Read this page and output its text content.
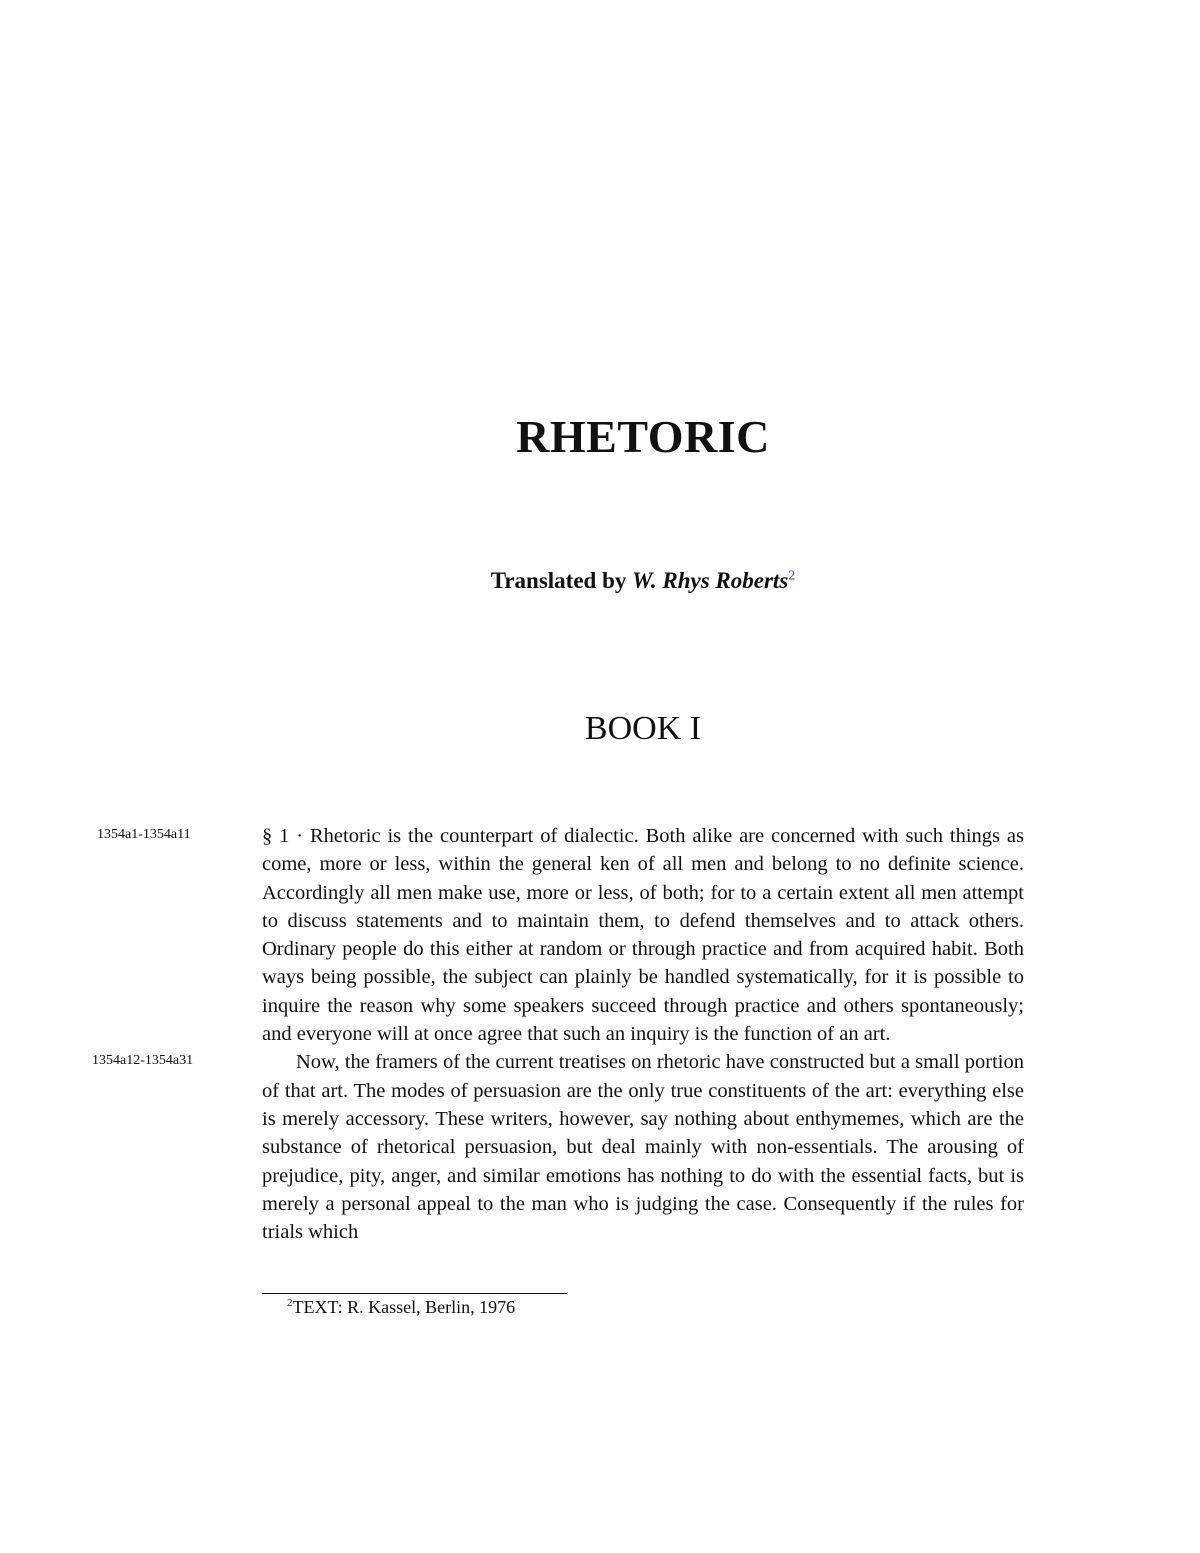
RHETORIC

Translated by W. Rhys Roberts$^2$

BOOK I

1354a1-1354a11	§ 1 · Rhetoric is the counterpart of dialectic. Both alike are concerned with such things as come, more or less, within the general ken of all men and belong to no definite science. Accordingly all men make use, more or less, of both; for to a certain extent all men attempt to discuss statements and to maintain them, to defend themselves and to attack others. Ordinary people do this either at random or through practice and from acquired habit. Both ways being possible, the subject can plainly be handled systematically, for it is possible to inquire the reason why some speakers succeed through practice and others spontaneously; and everyone will at once agree that such an inquiry is the function of an art.

1354a12-1354a31	Now, the framers of the current treatises on rhetoric have constructed but a small portion of that art. The modes of persuasion are the only true constituents of the art: everything else is merely accessory. These writers, however, say nothing about enthymemes, which are the substance of rhetorical persuasion, but deal mainly with non-essentials. The arousing of prejudice, pity, anger, and similar emotions has nothing to do with the essential facts, but is merely a personal appeal to the man who is judging the case. Consequently if the rules for trials which

$^2$TEXT: R. Kassel, Berlin, 1976
